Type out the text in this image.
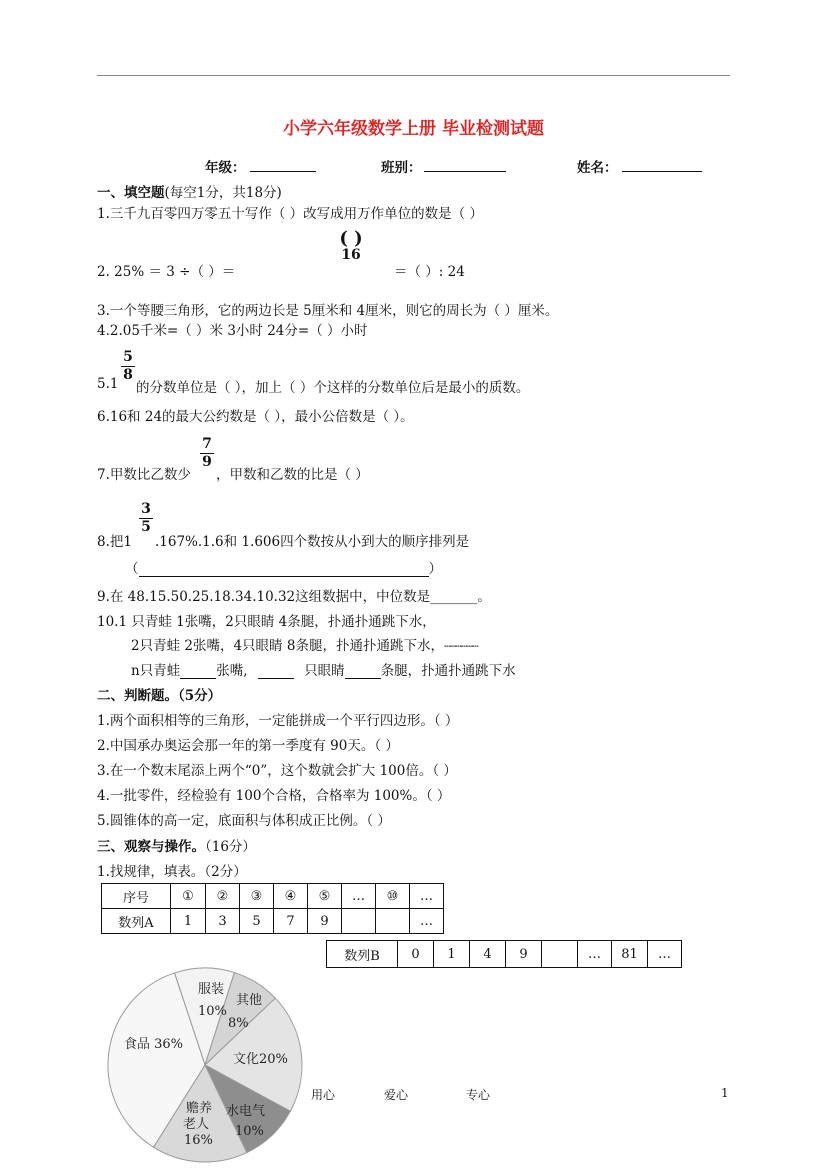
小学六年级数学上册 毕业检测试题
年级：	班别：	姓名：
一、填空题(每空1分，共18分)
1.三千九百零四万零五十写作（ ）改写成用万作单位的数是（ ）
2. 25% ＝ 3 ÷（ ）＝
( )
16
＝（ ）: 24
3.一个等腰三角形，它的两边长是 5厘米和 4厘米，则它的周长为（ ）厘米。
4.2.05千米=（ ）米 3小时 24分=（ ）小时
5.1
5
8
的分数单位是（ ），加上（ ）个这样的分数单位后是最小的质数。
6.16和 24的最大公约数是（ ），最小公倍数是（ ）。
7.甲数比乙数少
7
9
，甲数和乙数的比是（ ）
8.把1
3
5
.167%.1.6和 1.606四个数按从小到大的顺序排列是
（	）
9.在 48.15.50.25.18.34.10.32这组数据中，中位数是_______。
10.1 只青蛙 1张嘴，2只眼睛 4条腿，扑通扑通跳下水，
2只青蛙 2张嘴，4只眼睛 8条腿，扑通扑通跳下水，┄┄┄┄┄┄
n只青蛙	张嘴,	只眼睛	条腿，扑通扑通跳下水
二、判断题。（5分）
1.两个面积相等的三角形，一定能拼成一个平行四边形。（ ）
2.中国承办奥运会那一年的第一季度有 90天。（ ）
3.在一个数末尾添上两个“0”，这个数就会扩大 100倍。（ ）
4.一批零件，经检验有 100个合格，合格率为 100%。（ ）
5.圆锥体的高一定，底面积与体积成正比例。（ ）
三、观察与操作。（16分）
1.找规律，填表。（2分）
序号	①	②	③	④	⑤	…	⑩	…
数列A	1	3	5	7	9			…
数列B	0	1	4	9		…	81	…
服装
10%
其他
8%
文化20%
水电气
10%
赡养
老人
16%
食品 36%
用心	爱心	专心	1
